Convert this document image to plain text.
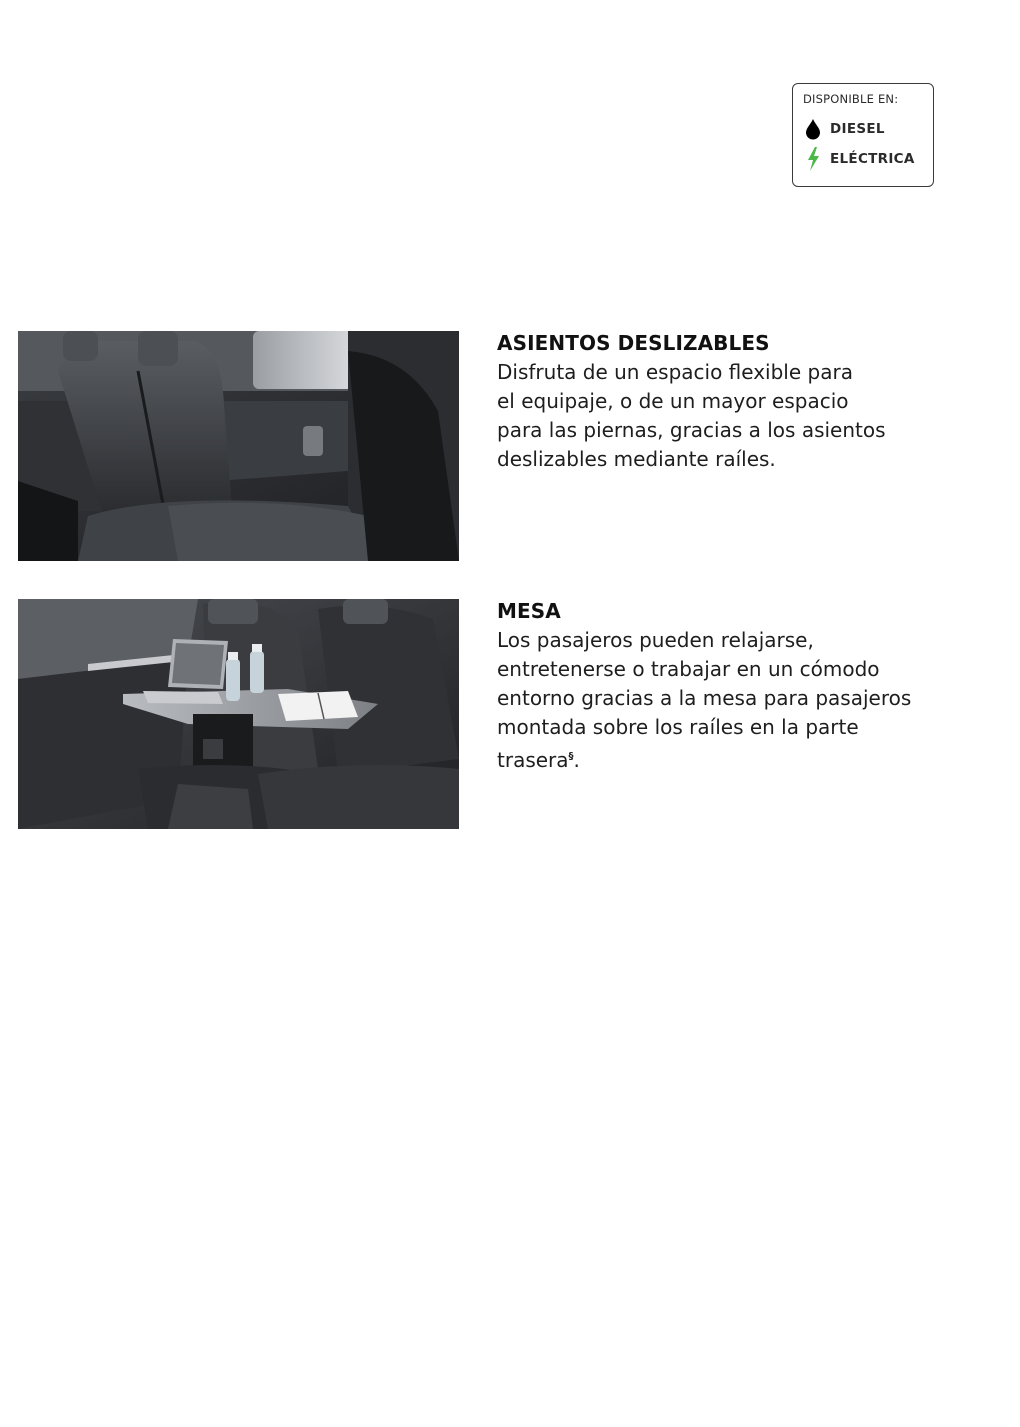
DISPONIBLE EN:
DIESEL
ELÉCTRICA
ASIENTOS DESLIZABLES

Disfruta de un espacio flexible para
el equipaje, o de un mayor espacio
para las piernas, gracias a los asientos
deslizables mediante raíles.

MESA

Los pasajeros pueden relajarse,
entretenerse o trabajar en un cómodo
entorno gracias a la mesa para pasajeros
montada sobre los raíles en la parte
trasera§.
